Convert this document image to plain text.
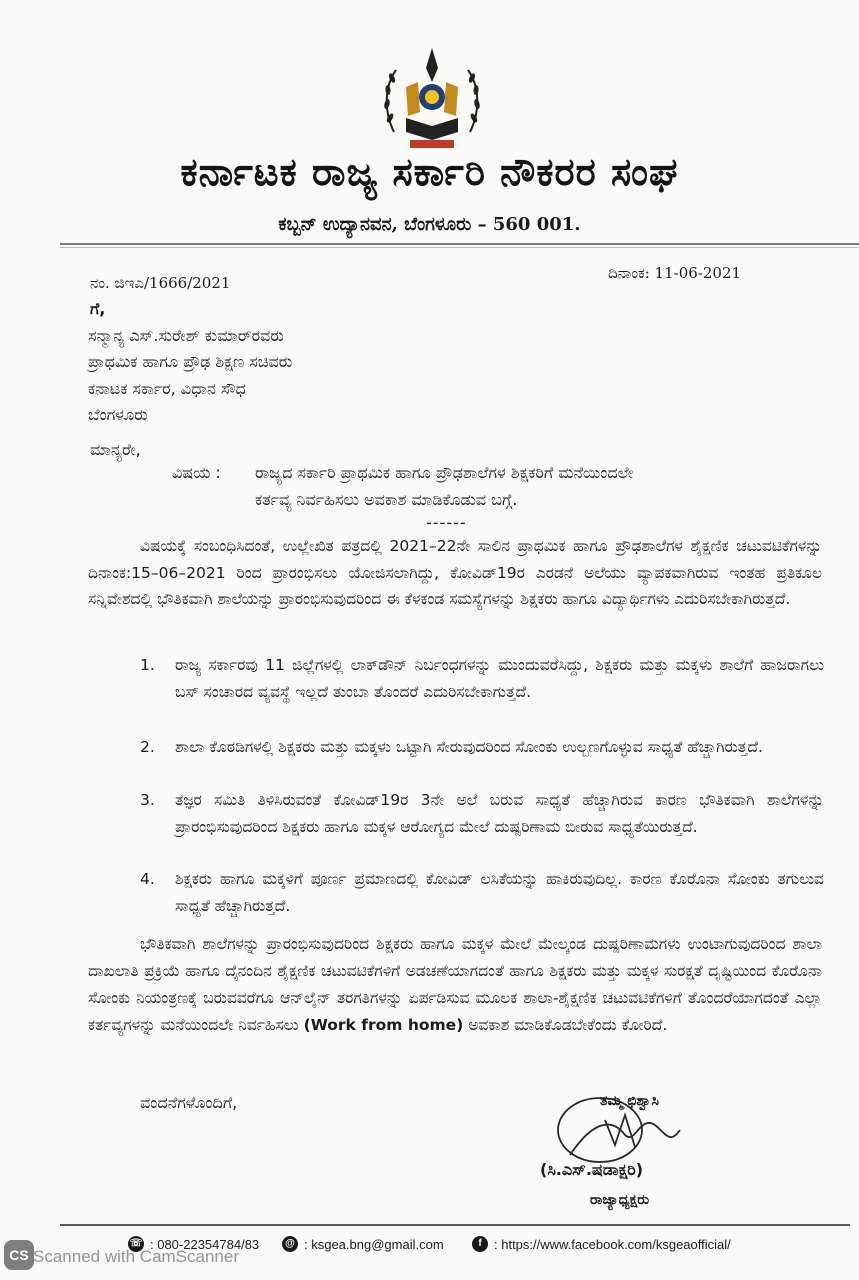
ಕರ್ನಾಟಕ ರಾಜ್ಯ ಸರ್ಕಾರಿ ನೌಕರರ ಸಂಘ
ಕಬ್ಬನ್ ಉದ್ಯಾನವನ, ಬೆಂಗಳೂರು – 560 001.
ನಂ. ಜಿಇಎ/1666/2021
ದಿನಾಂಕ: 11-06-2021
ಗೆ,
ಸನ್ಮಾನ್ಯ ಎಸ್.ಸುರೇಶ್ ಕುಮಾರ್‌ರವರು
ಪ್ರಾಥಮಿಕ ಹಾಗೂ ಪ್ರೌಢ ಶಿಕ್ಷಣ ಸಚಿವರು
ಕನಾಟಕ ಸರ್ಕಾರ, ವಿಧಾನ ಸೌಧ
ಬೆಂಗಳೂರು
ಮಾನ್ಯರೇ,
ವಿಷಯ : ರಾಜ್ಯದ ಸರ್ಕಾರಿ ಪ್ರಾಥಮಿಕ ಹಾಗೂ ಪ್ರೌಢಶಾಲೆಗಳ ಶಿಕ್ಷಕರಿಗೆ ಮನೆಯಿಂದಲೇ
ಕರ್ತವ್ಯ ನಿರ್ವಹಿಸಲು ಅವಕಾಶ ಮಾಡಿಕೊಡುವ ಬಗ್ಗೆ.
------
ವಿಷಯಕ್ಕೆ ಸಂಬಂಧಿಸಿದಂತೆ, ಉಲ್ಲೇಖಿತ ಪತ್ರದಲ್ಲಿ 2021–22ನೇ ಸಾಲಿನ ಪ್ರಾಥಮಿಕ ಹಾಗೂ ಪ್ರೌಢಶಾಲೆಗಳ ಶೈಕ್ಷಣಿಕ ಚಟುವಟಿಕೆಗಳನ್ನು ದಿನಾಂಕ:15–06–2021 ರಿಂದ ಪ್ರಾರಂಭಿಸಲು ಯೋಜಿಸಲಾಗಿದ್ದು, ಕೋವಿಡ್19ರ ಎರಡನೆ ಅಲೆಯು ವ್ಯಾಪಕವಾಗಿರುವ ಇಂತಹ ಪ್ರತಿಕೂಲ ಸನ್ನಿವೇಶದಲ್ಲಿ ಭೌತಿಕವಾಗಿ ಶಾಲೆಯನ್ನು ಪ್ರಾರಂಭಿಸುವುದರಿಂದ ಈ ಕೆಳಕಂಡ ಸಮಸ್ಯೆಗಳನ್ನು ಶಿಕ್ಷಕರು ಹಾಗೂ ವಿದ್ಯಾರ್ಥಿಗಳು ಎದುರಿಸಬೇಕಾಗಿರುತ್ತದೆ.
1. ರಾಜ್ಯ ಸರ್ಕಾರವು 11 ಜಿಲ್ಲೆಗಳಲ್ಲಿ ಲಾಕ್‌ಡೌನ್ ನಿರ್ಬಂಧಗಳನ್ನು ಮುಂದುವರೆಸಿದ್ದು, ಶಿಕ್ಷಕರು ಮತ್ತು ಮಕ್ಕಳು ಶಾಲೆಗೆ ಹಾಜರಾಗಲು ಬಸ್ ಸಂಚಾರದ ವ್ಯವಸ್ಥೆ ಇಲ್ಲದೆ ತುಂಬಾ ತೊಂದರೆ ಎದುರಿಸಬೇಕಾಗುತ್ತದೆ.
2. ಶಾಲಾ ಕೊಠಡಿಗಳಲ್ಲಿ ಶಿಕ್ಷಕರು ಮತ್ತು ಮಕ್ಕಳು ಒಟ್ಟಾಗಿ ಸೇರುವುದರಿಂದ ಸೋಂಕು ಉಲ್ಬಣಗೊಳ್ಳುವ ಸಾಧ್ಯತೆ ಹೆಚ್ಚಾಗಿರುತ್ತದೆ.
3. ತಜ್ಞರ ಸಮಿತಿ ತಿಳಿಸಿರುವಂತೆ ಕೋವಿಡ್19ರ 3ನೇ ಅಲೆ ಬರುವ ಸಾಧ್ಯತೆ ಹೆಚ್ಚಾಗಿರುವ ಕಾರಣ ಭೌತಿಕವಾಗಿ ಶಾಲೆಗಳನ್ನು ಪ್ರಾರಂಭಿಸುವುದರಿಂದ ಶಿಕ್ಷಕರು ಹಾಗೂ ಮಕ್ಕಳ ಆರೋಗ್ಯದ ಮೇಲೆ ದುಷ್ಪರಿಣಾಮ ಬೀರುವ ಸಾಧ್ಯತೆಯಿರುತ್ತದೆ.
4. ಶಿಕ್ಷಕರು ಹಾಗೂ ಮಕ್ಕಳಿಗೆ ಪೂರ್ಣ ಪ್ರಮಾಣದಲ್ಲಿ ಕೋವಿಡ್ ಲಸಿಕೆಯನ್ನು ಹಾಕಿರುವುದಿಲ್ಲ. ಕಾರಣ ಕೊರೊನಾ ಸೋಂಕು ತಗುಲುವ ಸಾಧ್ಯತೆ ಹೆಚ್ಚಾಗಿರುತ್ತದೆ.
ಭೌತಿಕವಾಗಿ ಶಾಲೆಗಳನ್ನು ಪ್ರಾರಂಭಿಸುವುದರಿಂದ ಶಿಕ್ಷಕರು ಹಾಗೂ ಮಕ್ಕಳ ಮೇಲೆ ಮೇಲ್ಕಂಡ ದುಷ್ಪರಿಣಾಮಗಳು ಉಂಟಾಗುವುದರಿಂದ ಶಾಲಾ ದಾಖಲಾತಿ ಪ್ರಕ್ರಿಯೆ ಹಾಗೂ ದೈನಂದಿನ ಶೈಕ್ಷಣಿಕ ಚಟುವಟಿಕೆಗಳಿಗೆ ಅಡಚಣೆಯಾಗದಂತೆ ಹಾಗೂ ಶಿಕ್ಷಕರು ಮತ್ತು ಮಕ್ಕಳ ಸುರಕ್ಷತೆ ದೃಷ್ಟಿಯಿಂದ ಕೊರೊನಾ ಸೋಂಕು ನಿಯಂತ್ರಣಕ್ಕೆ ಬರುವವರೆಗೂ ಆನ್‌ಲೈನ್ ತರಗತಿಗಳನ್ನು ಏರ್ಪಡಿಸುವ ಮೂಲಕ ಶಾಲಾ-ಶೈಕ್ಷಣಿಕ ಚಟುವಟಿಕೆಗಳಿಗೆ ತೊಂದರೆಯಾಗದಂತೆ ಎಲ್ಲಾ ಕರ್ತವ್ಯಗಳನ್ನು ಮನೆಯಿಂದಲೇ ನಿರ್ವಹಿಸಲು (Work from home) ಅವಕಾಶ ಮಾಡಿಕೊಡಬೇಕೆಂದು ಕೋರಿದೆ.
ವಂದನೆಗಳೊಂದಿಗೆ,	ತಮ್ಮ ಛಿಶ್ವಾಸಿ
(ಸಿ.ಎಸ್.ಷಡಾಕ್ಷರಿ)
ರಾಜ್ಯಾಧ್ಯಕ್ಷರು
☏ : 080-22354784/83	@ : ksgea.bng@gmail.com	f : https://www.facebook.com/ksgeaofficial/
CS Scanned with CamScanner
